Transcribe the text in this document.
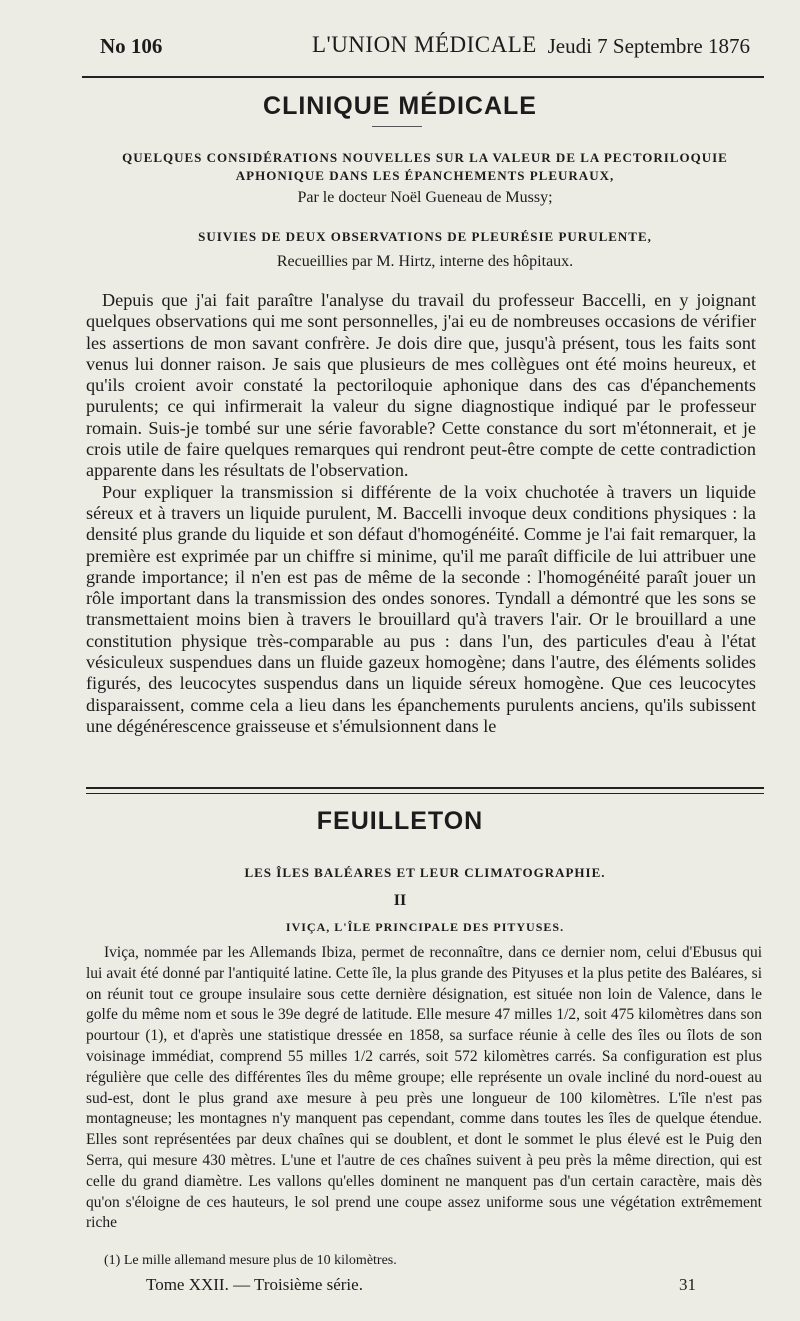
No 106	L'UNION MÉDICALE Jeudi 7 Septembre 1876
CLINIQUE MÉDICALE
QUELQUES CONSIDÉRATIONS NOUVELLES SUR LA VALEUR DE LA PECTORILOQUIE
APHONIQUE DANS LES ÉPANCHEMENTS PLEURAUX,
Par le docteur Noël Gueneau de Mussy;
SUIVIES DE DEUX OBSERVATIONS DE PLEURÉSIE PURULENTE,
Recueillies par M. Hirtz, interne des hôpitaux.

Depuis que j'ai fait paraître l'analyse du travail du professeur Baccelli, en y joignant quelques observations qui me sont personnelles, j'ai eu de nombreuses occasions de vérifier les assertions de mon savant confrère. Je dois dire que, jusqu'à présent, tous les faits sont venus lui donner raison. Je sais que plusieurs de mes collègues ont été moins heureux, et qu'ils croient avoir constaté la pectoriloquie aphonique dans des cas d'épanchements purulents; ce qui infirmerait la valeur du signe diagnostique indiqué par le professeur romain. Suis-je tombé sur une série favorable? Cette constance du sort m'étonnerait, et je crois utile de faire quelques remarques qui rendront peut-être compte de cette contradiction apparente dans les résultats de l'observation.

Pour expliquer la transmission si différente de la voix chuchotée à travers un liquide séreux et à travers un liquide purulent, M. Baccelli invoque deux conditions physiques : la densité plus grande du liquide et son défaut d'homogénéité. Comme je l'ai fait remarquer, la première est exprimée par un chiffre si minime, qu'il me paraît difficile de lui attribuer une grande importance; il n'en est pas de même de la seconde : l'homogénéité paraît jouer un rôle important dans la transmission des ondes sonores. Tyndall a démontré que les sons se transmettaient moins bien à travers le brouillard qu'à travers l'air. Or le brouillard a une constitution physique très-comparable au pus : dans l'un, des particules d'eau à l'état vésiculeux suspendues dans un fluide gazeux homogène; dans l'autre, des éléments solides figurés, des leucocytes suspendus dans un liquide séreux homogène. Que ces leucocytes disparaissent, comme cela a lieu dans les épanchements purulents anciens, qu'ils subissent une dégénérescence graisseuse et s'émulsionnent dans le

FEUILLETON
LES ÎLES BALÉARES ET LEUR CLIMATOGRAPHIE.
II
IVIÇA, L'ÎLE PRINCIPALE DES PITYUSES.

Iviça, nommée par les Allemands Ibiza, permet de reconnaître, dans ce dernier nom, celui d'Ebusus qui lui avait été donné par l'antiquité latine. Cette île, la plus grande des Pityuses et la plus petite des Baléares, si on réunit tout ce groupe insulaire sous cette dernière désignation, est située non loin de Valence, dans le golfe du même nom et sous le 39e degré de latitude. Elle mesure 47 milles 1/2, soit 475 kilomètres dans son pourtour (1), et d'après une statistique dressée en 1858, sa surface réunie à celle des îles ou îlots de son voisinage immédiat, comprend 55 milles 1/2 carrés, soit 572 kilomètres carrés. Sa configuration est plus régulière que celle des différentes îles du même groupe; elle représente un ovale incliné du nord-ouest au sud-est, dont le plus grand axe mesure à peu près une longueur de 100 kilomètres. L'île n'est pas montagneuse; les montagnes n'y manquent pas cependant, comme dans toutes les îles de quelque étendue. Elles sont représentées par deux chaînes qui se doublent, et dont le sommet le plus élevé est le Puig den Serra, qui mesure 430 mètres. L'une et l'autre de ces chaînes suivent à peu près la même direction, qui est celle du grand diamètre. Les vallons qu'elles dominent ne manquent pas d'un certain caractère, mais dès qu'on s'éloigne de ces hauteurs, le sol prend une coupe assez uniforme sous une végétation extrêmement riche

(1) Le mille allemand mesure plus de 10 kilomètres.
Tome XXII. — Troisième série.	31
